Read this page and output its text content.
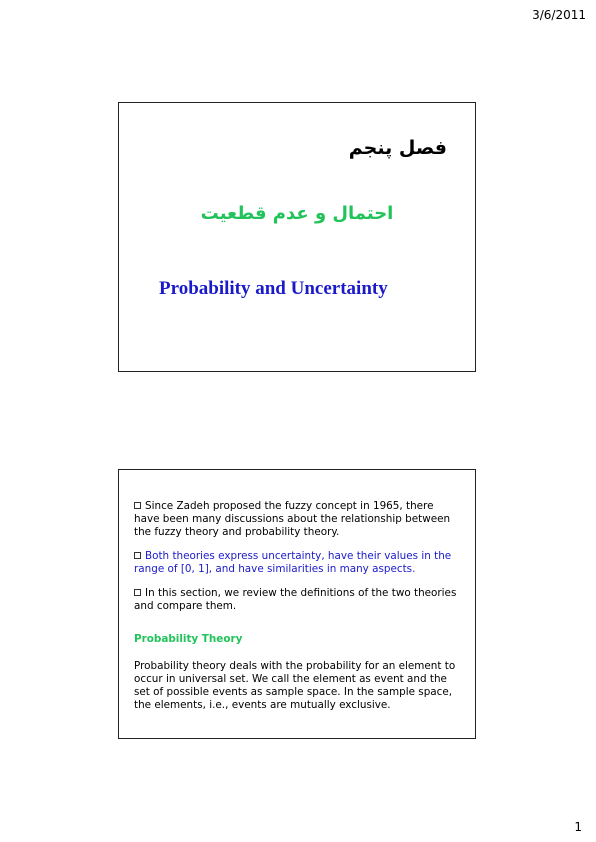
3/6/2011
فصل پنجم
احتمال و عدم قطعیت
Probability and Uncertainty

Since Zadeh proposed the fuzzy concept in 1965, there have been many discussions about the relationship between the fuzzy theory and probability theory.

Both theories express uncertainty, have their values in the range of [0, 1], and have similarities in many aspects.

In this section, we review the definitions of the two theories and compare them.

Probability Theory

Probability theory deals with the probability for an element to occur in universal set. We call the element as event and the set of possible events as sample space. In the sample space, the elements, i.e., events are mutually exclusive.

1
